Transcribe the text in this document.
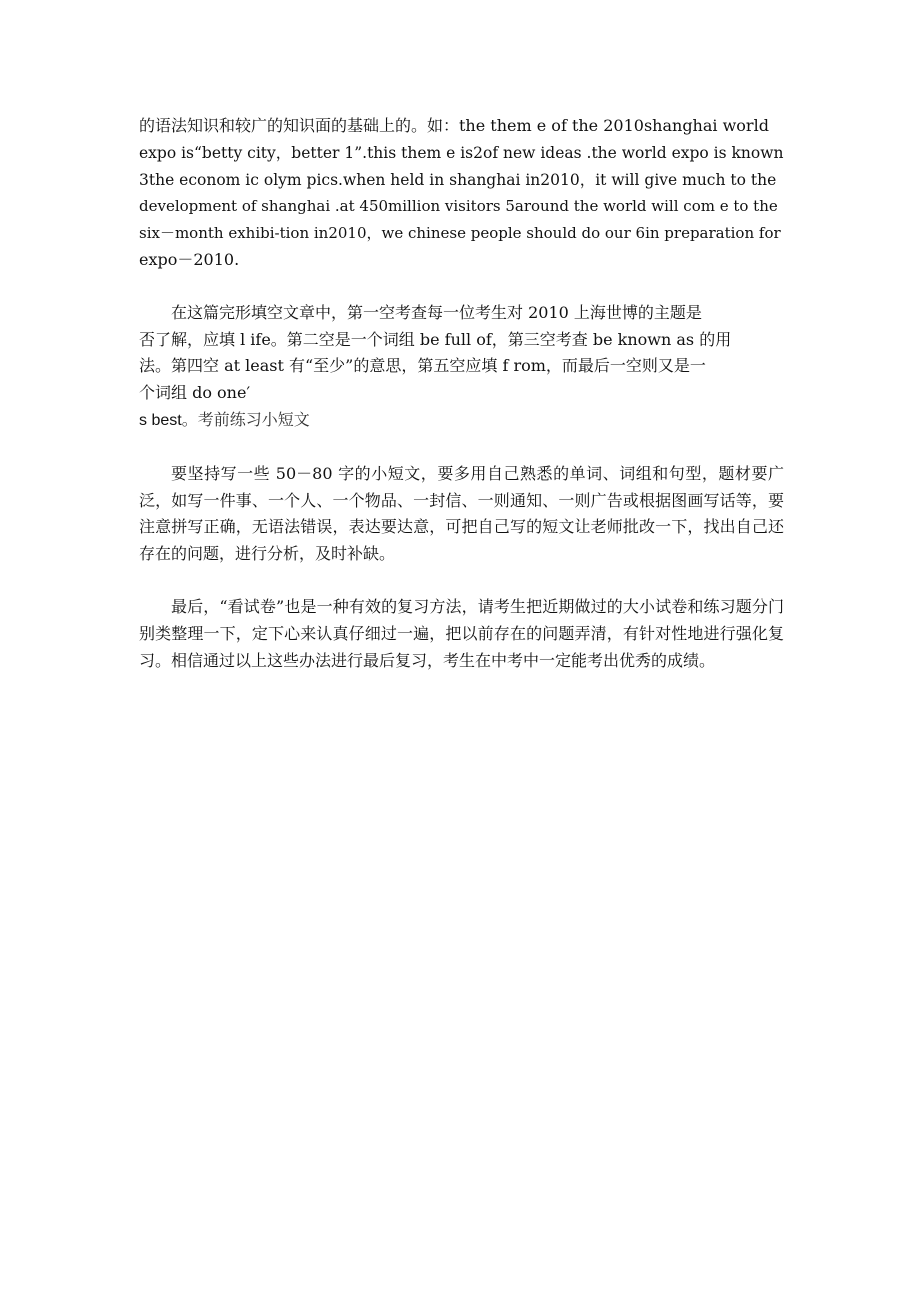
的语法知识和较广的知识面的基础上的。如：the them e of the 2010shanghai world
expo is“betty city，better 1”.this them e is2of new ideas .the world expo is known
3the econom ic olym pics.when held in shanghai in2010，it will give much to the
development of shanghai .at 450million visitors 5around the world will com e to the
six－month exhibi-tion in2010，we chinese people should do our 6in preparation for
expo－2010.

在这篇完形填空文章中，第一空考查每一位考生对 2010 上海世博的主题是
否了解，应填 l ife。第二空是一个词组 be full of，第三空考查 be known as 的用
法。第四空 at least 有“至少”的意思，第五空应填 f rom，而最后一空则又是一
个词组 do one′
s best。考前练习小短文

要坚持写一些 50－80 字的小短文，要多用自己熟悉的单词、词组和句型，题材要广泛，如写一件事、一个人、一个物品、一封信、一则通知、一则广告或根据图画写话等，要注意拼写正确，无语法错误，表达要达意，可把自己写的短文让老师批改一下，找出自己还存在的问题，进行分析，及时补缺。

最后，“看试卷”也是一种有效的复习方法，请考生把近期做过的大小试卷和练习题分门别类整理一下，定下心来认真仔细过一遍，把以前存在的问题弄清，有针对性地进行强化复习。相信通过以上这些办法进行最后复习，考生在中考中一定能考出优秀的成绩。
